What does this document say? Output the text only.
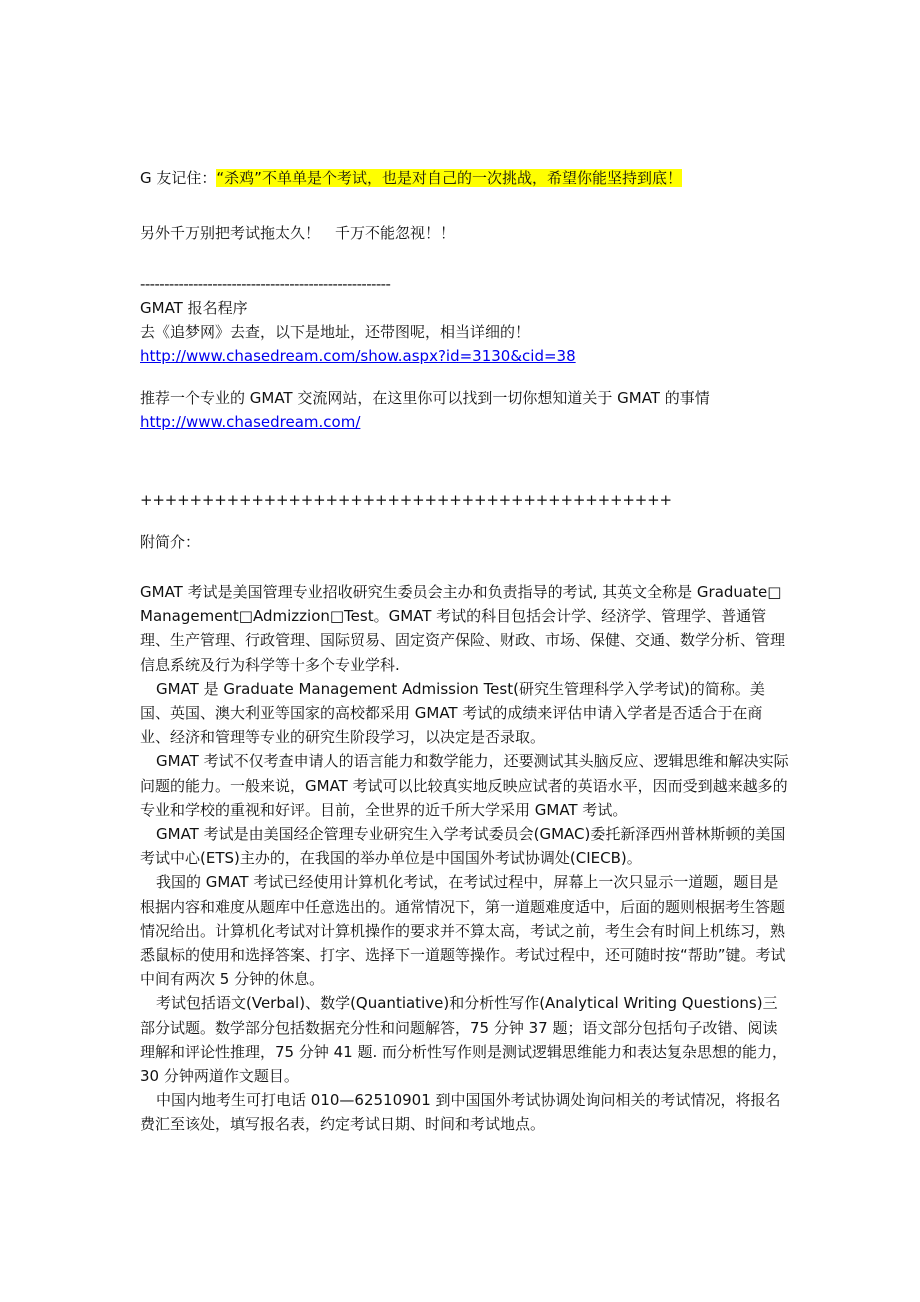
G 友记住：“杀鸡”不单单是个考试，也是对自己的一次挑战，希望你能坚持到底！
另外千万别把考试拖太久！　千万不能忽视！！
----------------------------------------------------
GMAT 报名程序
去《追梦网》去查，以下是地址，还带图呢，相当详细的！
http://www.chasedream.com/show.aspx?id=3130&cid=38
推荐一个专业的 GMAT 交流网站，在这里你可以找到一切你想知道关于 GMAT 的事情
http://www.chasedream.com/
+++++++++++++++++++++++++++++++++++++++++++
附简介：

GMAT 考试是美国管理专业招收研究生委员会主办和负责指导的考试, 其英文全称是 Graduate□Management□Admizzion□Test。GMAT 考试的科目包括会计学、经济学、管理学、普通管理、生产管理、行政管理、国际贸易、固定资产保险、财政、市场、保健、交通、数学分析、管理信息系统及行为科学等十多个专业学科.

GMAT 是 Graduate Management Admission Test(研究生管理科学入学考试)的简称。美国、英国、澳大利亚等国家的高校都采用 GMAT 考试的成绩来评估申请入学者是否适合于在商业、经济和管理等专业的研究生阶段学习，以决定是否录取。

GMAT 考试不仅考查申请人的语言能力和数学能力，还要测试其头脑反应、逻辑思维和解决实际问题的能力。一般来说，GMAT 考试可以比较真实地反映应试者的英语水平，因而受到越来越多的专业和学校的重视和好评。目前，全世界的近千所大学采用 GMAT 考试。

GMAT 考试是由美国经企管理专业研究生入学考试委员会(GMAC)委托新泽西州普林斯顿的美国考试中心(ETS)主办的，在我国的举办单位是中国国外考试协调处(CIECB)。

我国的 GMAT 考试已经使用计算机化考试，在考试过程中，屏幕上一次只显示一道题，题目是根据内容和难度从题库中任意选出的。通常情况下，第一道题难度适中，后面的题则根据考生答题情况给出。计算机化考试对计算机操作的要求并不算太高，考试之前，考生会有时间上机练习，熟悉鼠标的使用和选择答案、打字、选择下一道题等操作。考试过程中，还可随时按“帮助”键。考试中间有两次 5 分钟的休息。

考试包括语文(Verbal)、数学(Quantiative)和分析性写作(Analytical Writing Questions)三部分试题。数学部分包括数据充分性和问题解答，75 分钟 37 题；语文部分包括句子改错、阅读理解和评论性推理，75 分钟 41 题. 而分析性写作则是测试逻辑思维能力和表达复杂思想的能力，30 分钟两道作文题目。

中国内地考生可打电话 010—62510901 到中国国外考试协调处询问相关的考试情况，将报名费汇至该处，填写报名表，约定考试日期、时间和考试地点。
